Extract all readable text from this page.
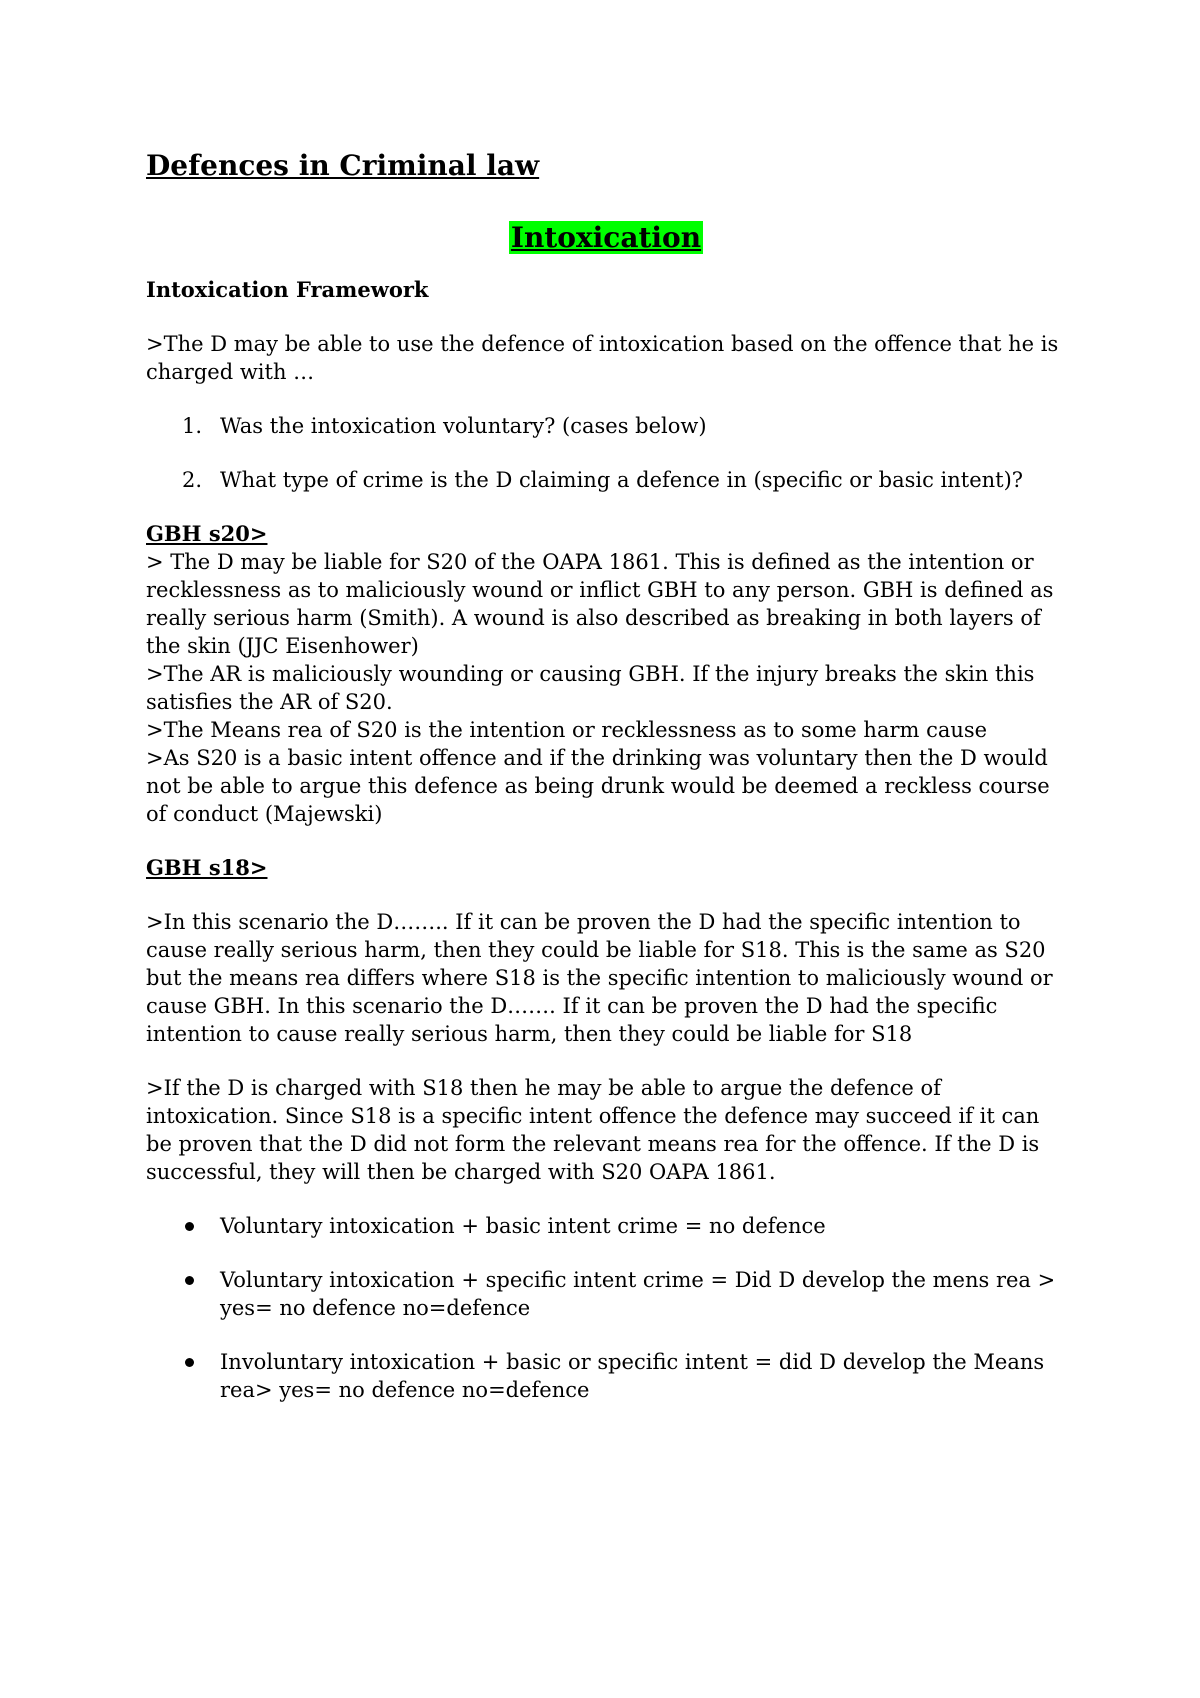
Defences in Criminal law
Intoxication
Intoxication Framework
>The D may be able to use the defence of intoxication based on the offence that he is charged with …
1. Was the intoxication voluntary? (cases below)
2. What type of crime is the D claiming a defence in (specific or basic intent)?
GBH s20>
> The D may be liable for S20 of the OAPA 1861. This is defined as the intention or recklessness as to maliciously wound or inflict GBH to any person. GBH is defined as really serious harm (Smith). A wound is also described as breaking in both layers of the skin (JJC Eisenhower)
>The AR is maliciously wounding or causing GBH. If the injury breaks the skin this satisfies the AR of S20.
>The Means rea of S20 is the intention or recklessness as to some harm cause
>As S20 is a basic intent offence and if the drinking was voluntary then the D would not be able to argue this defence as being drunk would be deemed a reckless course of conduct (Majewski)
GBH s18>
>In this scenario the D…….. If it can be proven the D had the specific intention to cause really serious harm, then they could be liable for S18. This is the same as S20 but the means rea differs where S18 is the specific intention to maliciously wound or cause GBH. In this scenario the D……. If it can be proven the D had the specific intention to cause really serious harm, then they could be liable for S18
>If the D is charged with S18 then he may be able to argue the defence of intoxication. Since S18 is a specific intent offence the defence may succeed if it can be proven that the D did not form the relevant means rea for the offence. If the D is successful, they will then be charged with S20 OAPA 1861.
Voluntary intoxication + basic intent crime = no defence
Voluntary intoxication + specific intent crime = Did D develop the mens rea > yes= no defence no=defence
Involuntary intoxication + basic or specific intent = did D develop the Means rea> yes= no defence no=defence
